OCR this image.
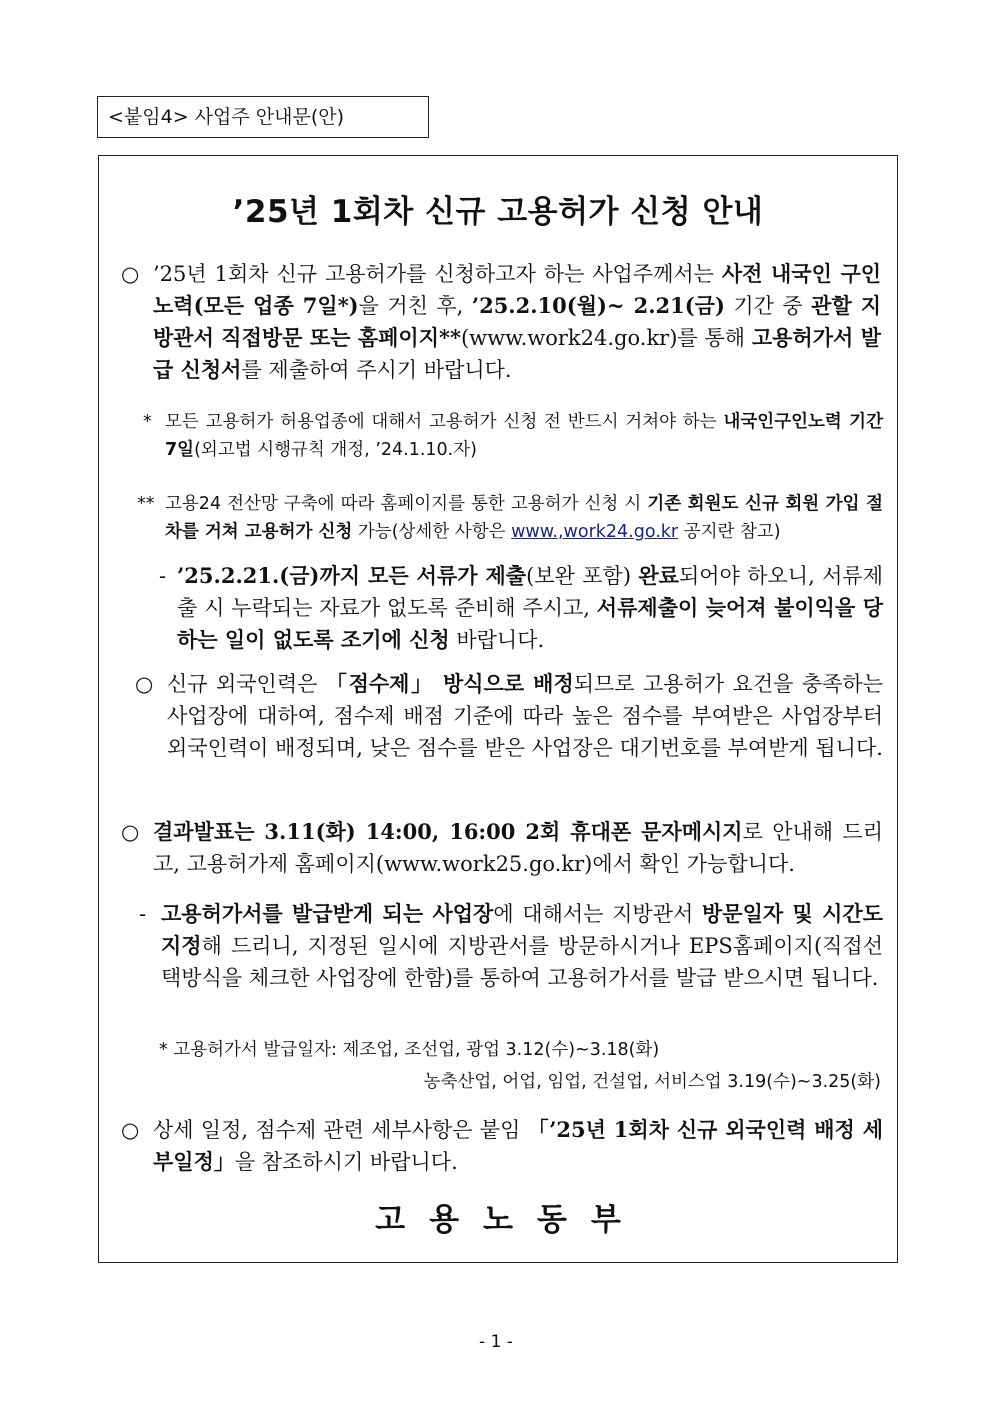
<붙임4> 사업주 안내문(안)
’25년 1회차 신규 고용허가 신청 안내
○ ’25년 1회차 신규 고용허가를 신청하고자 하는 사업주께서는 사전 내국인 구인노력(모든 업종 7일*)을 거친 후, ’25.2.10(월)~ 2.21(금) 기간 중 관할 지방관서 직접방문 또는 홈페이지**(www.work24.go.kr)를 통해 고용허가서 발급 신청서를 제출하여 주시기 바랍니다.

* 모든 고용허가 허용업종에 대해서 고용허가 신청 전 반드시 거쳐야 하는 내국인구인노력 기간 7일(외고법 시행규칙 개정, ’24.1.10.자)

** 고용24 전산망 구축에 따라 홈페이지를 통한 고용허가 신청 시 기존 회원도 신규 회원 가입 절차를 거쳐 고용허가 신청 가능(상세한 사항은 www.,work24.go.kr 공지란 참고)

- ’25.2.21.(금)까지 모든 서류가 제출(보완 포함) 완료되어야 하오니, 서류제출 시 누락되는 자료가 없도록 준비해 주시고, 서류제출이 늦어져 불이익을 당하는 일이 없도록 조기에 신청 바랍니다.

○ 신규 외국인력은 「점수제」 방식으로 배정되므로 고용허가 요건을 충족하는 사업장에 대하여, 점수제 배점 기준에 따라 높은 점수를 부여받은 사업장부터 외국인력이 배정되며, 낮은 점수를 받은 사업장은 대기번호를 부여받게 됩니다.

○ 결과발표는 3.11(화) 14:00, 16:00 2회 휴대폰 문자메시지로 안내해 드리고, 고용허가제 홈페이지(www.work25.go.kr)에서 확인 가능합니다.

- 고용허가서를 발급받게 되는 사업장에 대해서는 지방관서 방문일자 및 시간도 지정해 드리니, 지정된 일시에 지방관서를 방문하시거나 EPS홈페이지(직접선택방식을 체크한 사업장에 한함)를 통하여 고용허가서를 발급 받으시면 됩니다.

* 고용허가서 발급일자: 제조업, 조선업, 광업 3.12(수)~3.18(화)
농축산업, 어업, 임업, 건설업, 서비스업 3.19(수)~3.25(화)
○ 상세 일정, 점수제 관련 세부사항은 붙임 「’25년 1회차 신규 외국인력 배정 세부일정」을 참조하시기 바랍니다.

고용노동부
- 1 -
